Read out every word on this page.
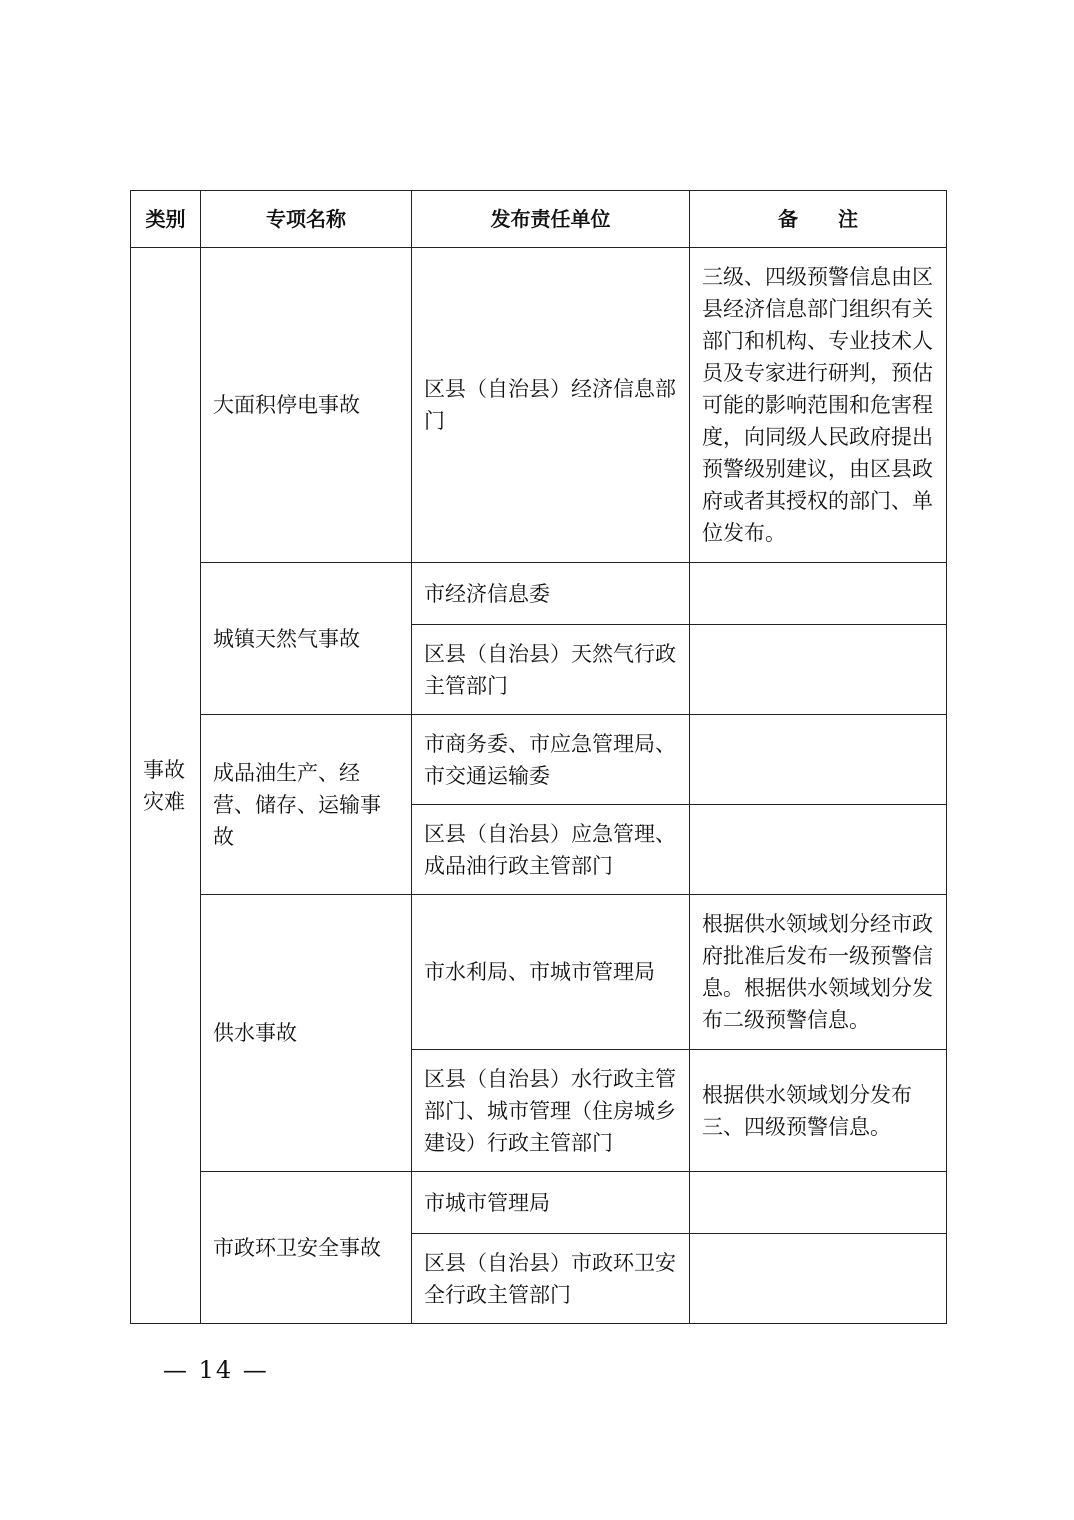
类别	专项名称	发布责任单位	备注
事故灾难	大面积停电事故	区县（自治县）经济信息部门	三级、四级预警信息由区县经济信息部门组织有关部门和机构、专业技术人员及专家进行研判，预估可能的影响范围和危害程度，向同级人民政府提出预警级别建议，由区县政府或者其授权的部门、单位发布。
	城镇天然气事故	市经济信息委	
		区县（自治县）天然气行政主管部门	
	成品油生产、经营、储存、运输事故	市商务委、市应急管理局、市交通运输委	
		区县（自治县）应急管理、成品油行政主管部门	
	供水事故	市水利局、市城市管理局	根据供水领域划分经市政府批准后发布一级预警信息。根据供水领域划分发布二级预警信息。
		区县（自治县）水行政主管部门、城市管理（住房城乡建设）行政主管部门	根据供水领域划分发布三、四级预警信息。
	市政环卫安全事故	市城市管理局	
		区县（自治县）市政环卫安全行政主管部门	
— 14 —
